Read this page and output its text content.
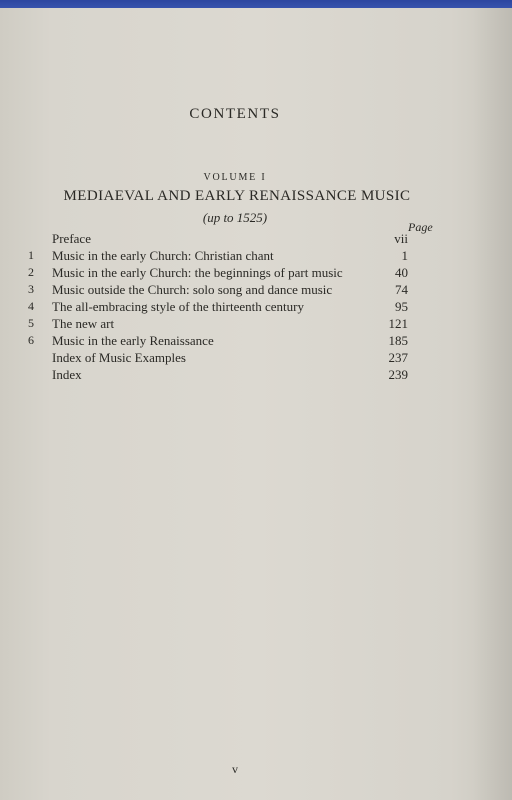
CONTENTS
VOLUME I
MEDIAEVAL AND EARLY RENAISSANCE MUSIC
(up to 1525)
Page
Preface	vii
1	Music in the early Church: Christian chant	1
2	Music in the early Church: the beginnings of part music	40
3	Music outside the Church: solo song and dance music	74
4	The all-embracing style of the thirteenth century	95
5	The new art	121
6	Music in the early Renaissance	185
Index of Music Examples	237
Index	239
v
